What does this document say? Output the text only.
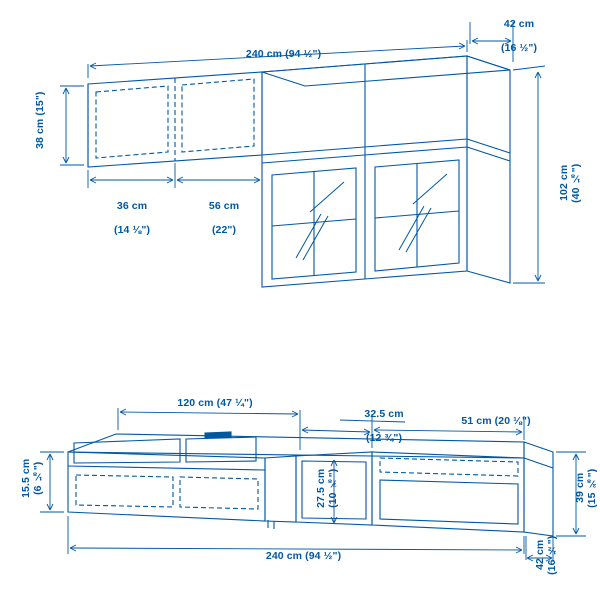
42 cm

(16 ½")

240 cm (94 ½")

38 cm (15")

36 cm

(14 ⅛")

56 cm

(22")

102 cm
(40 ⅛")

120 cm (47 ¼")

32.5 cm

(12 ¾")

51 cm (20 ⅛")

15.5 cm
(6 ⅛")
	27.5 cm
(10 ⅞")
	39 cm
(15 ⅜")

240 cm (94 ½")
	42 cm
(16 ½")
